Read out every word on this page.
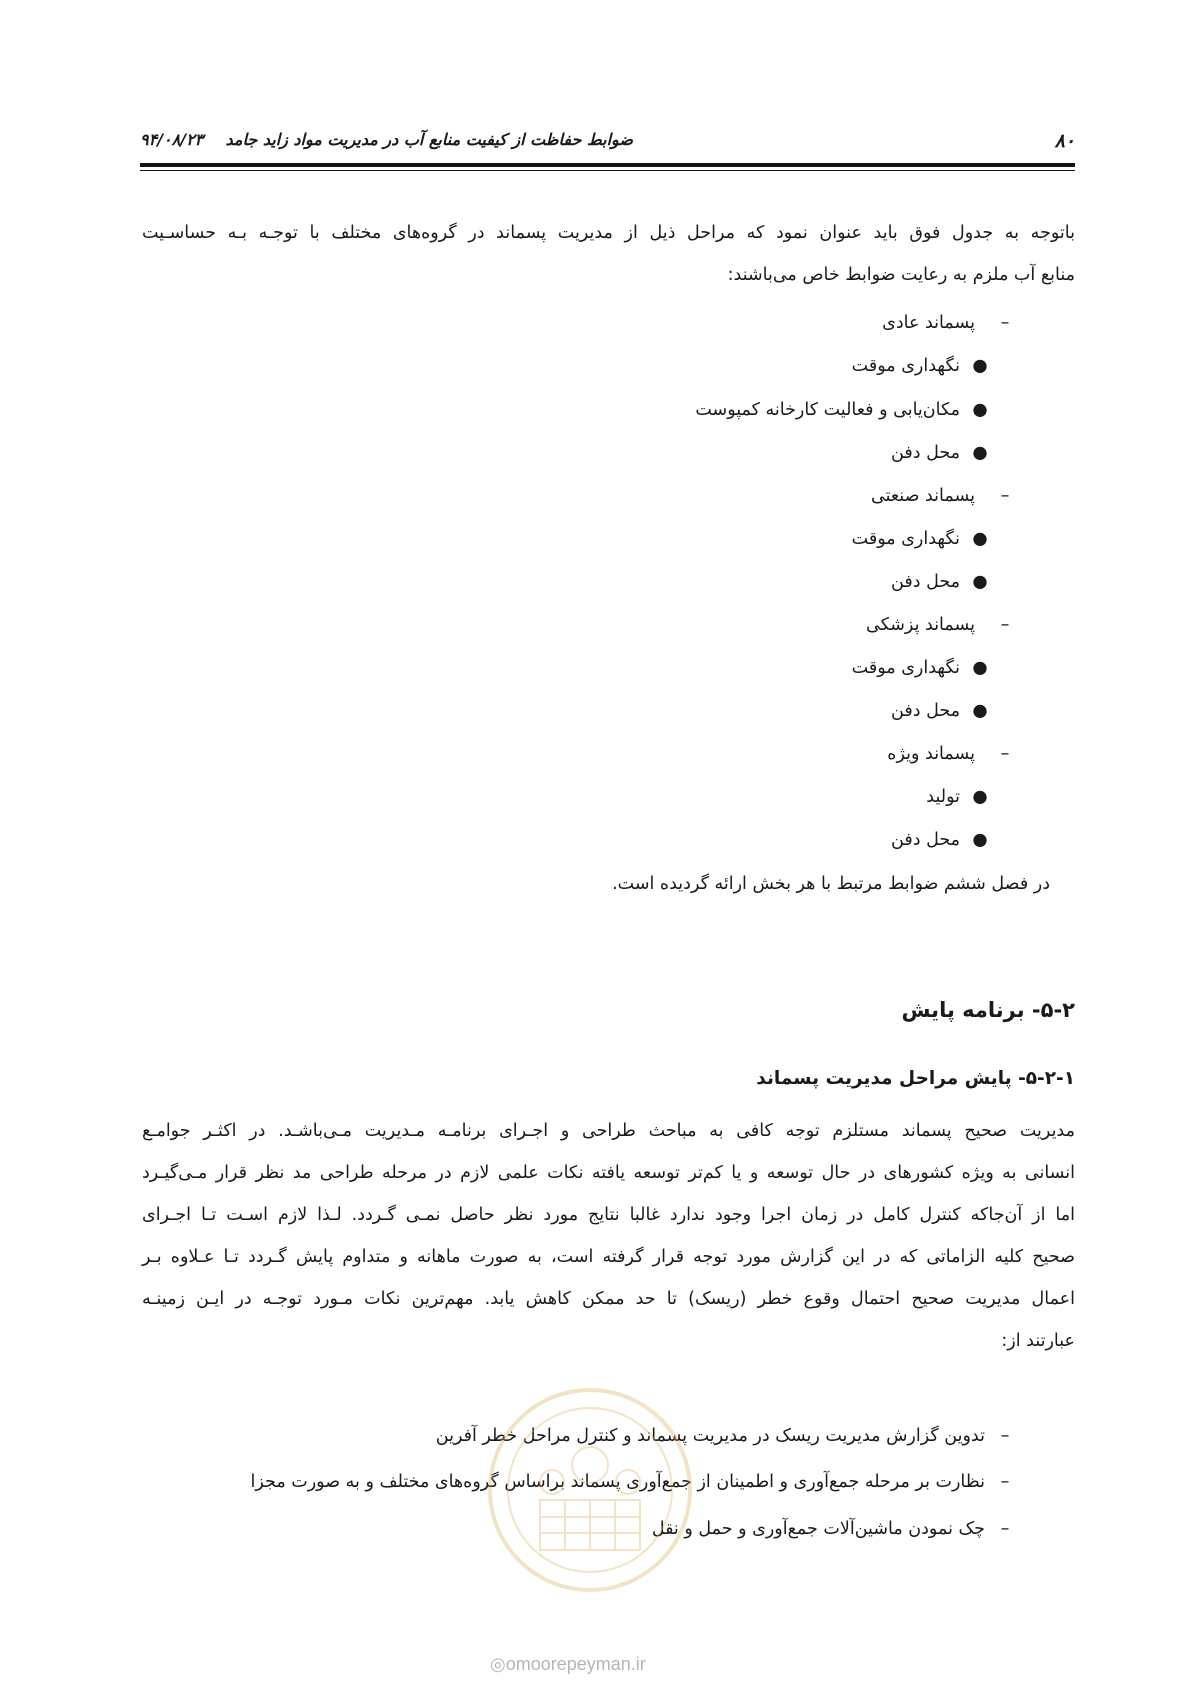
۸۰
ضوابط حفاظت از کیفیت منابع آب در مدیریت مواد زاید جامد    ۹۴/۰۸/۲۳
باتوجه به جدول فوق باید عنوان نمود که مراحل ذیل از مدیریت پسماند در گروه‌های مختلف با توجـه بـه حساسـیت
منابع آب ملزم به رعایت ضوابط خاص می‌باشند:
–
پسماند عادی
●
نگهداری موقت
●
مکان‌یابی و فعالیت کارخانه کمپوست
●
محل دفن
–
پسماند صنعتی
●
نگهداری موقت
●
محل دفن
–
پسماند پزشکی
●
نگهداری موقت
●
محل دفن
–
پسماند ویژه
●
تولید
●
محل دفن
در فصل ششم ضوابط مرتبط با هر بخش ارائه گردیده است.
۵-۲- برنامه پایش
۵-۲-۱- پایش مراحل مدیریت پسماند
مدیریت صحیح پسماند مستلزم توجه کافی به مباحث طراحی و اجـرای برنامـه مـدیریت مـی‌باشـد. در اکثـر جوامـع
انسانی به ویژه کشورهای در حال توسعه و یا کم‌تر توسعه یافته نکات علمی لازم در مرحله طراحی مد نظر قرار مـی‌گیـرد
اما از آن‌جاکه کنترل کامل در زمان اجرا وجود ندارد غالبا نتایج مورد نظر حاصل نمـی گـردد. لـذا لازم اسـت تـا اجـرای
صحیح کلیه الزاماتی که در این گزارش مورد توجه قرار گرفته است، به صورت ماهانه و متداوم پایش گـردد تـا عـلاوه بـر
اعمال مدیریت صحیح احتمال وقوع خطر (ریسک) تا حد ممکن کاهش یابد. مهم‌ترین نکات مـورد توجـه در ایـن زمینـه
عبارتند از:
–
تدوین گزارش مدیریت ریسک در مدیریت پسماند و کنترل مراحل خطر آفرین
–
نظارت بر مرحله جمع‌آوری و اطمینان از جمع‌آوری پسماند براساس گروه‌های مختلف و به صورت مجزا
–
چک نمودن ماشین‌آلات جمع‌آوری و حمل و نقل
◎omoorepeyman.ir
